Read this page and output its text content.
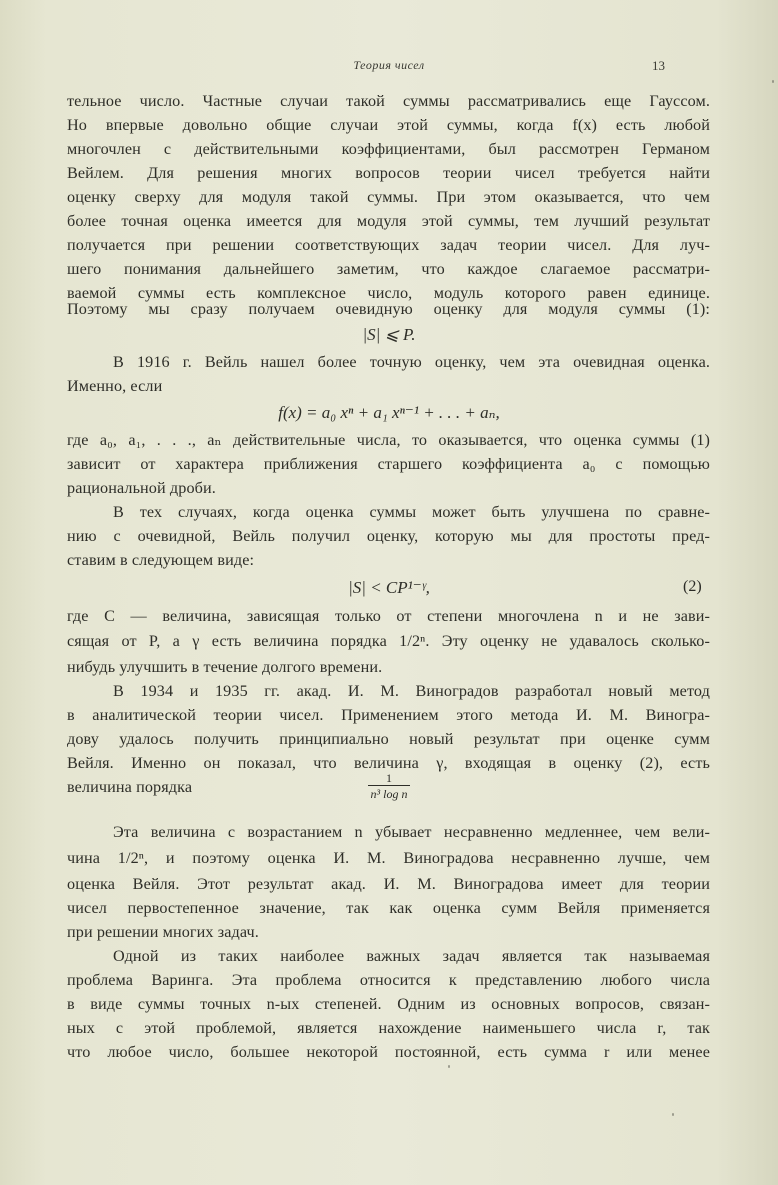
Теория чисел	13
тельное число. Частные случаи такой суммы рассматривались еще Гауссом.
Но впервые довольно общие случаи этой суммы, когда f(x) есть любой
многочлен с действительными коэффициентами, был рассмотрен Германом
Вейлем. Для решения многих вопросов теории чисел требуется найти
оценку сверху для модуля такой суммы. При этом оказывается, что чем
более точная оценка имеется для модуля этой суммы, тем лучший результат
получается при решении соответствующих задач теории чисел. Для луч-
шего понимания дальнейшего заметим, что каждое слагаемое рассматри-
ваемой суммы есть комплексное число, модуль которого равен единице.
Поэтому мы сразу получаем очевидную оценку для модуля суммы (1):
|S| ⩽ P.
В 1916 г. Вейль нашел более точную оценку, чем эта очевидная оценка.
Именно, если
f(x) = a₀ xⁿ + a₁ xⁿ⁻¹ + . . . + aₙ,
где a₀, a₁, . . ., aₙ действительные числа, то оказывается, что оценка суммы (1)
зависит от характера приближения старшего коэффициента a₀ с помощью
рациональной дроби.
В тех случаях, когда оценка суммы может быть улучшена по сравне-
нию с очевидной, Вейль получил оценку, которую мы для простоты пред-
ставим в следующем виде:
|S| < CP¹⁻ᵞ,	(2)
где C — величина, зависящая только от степени многочлена n и не зави-
сящая от P, а γ есть величина порядка 1/2ⁿ. Эту оценку не удавалось сколько-
нибудь улучшить в течение долгого времени.
В 1934 и 1935 гг. акад. И. М. Виноградов разработал новый метод
в аналитической теории чисел. Применением этого метода И. М. Виногра-
дову удалось получить принципиально новый результат при оценке сумм
Вейля. Именно он показал, что величина γ, входящая в оценку (2), есть
величина порядка
$\frac{1}{\text{n³ log n}}$
Эта величина с возрастанием n убывает несравненно медленнее, чем вели-
чина 1/2ⁿ, и поэтому оценка И. М. Виноградова несравненно лучше, чем
оценка Вейля. Этот результат акад. И. М. Виноградова имеет для теории
чисел первостепенное значение, так как оценка сумм Вейля применяется
при решении многих задач.
Одной из таких наиболее важных задач является так называемая
проблема Варинга. Эта проблема относится к представлению любого числа
в виде суммы точных n-ых степеней. Одним из основных вопросов, связан-
ных с этой проблемой, является нахождение наименьшего числа r, так
что любое число, большее некоторой постоянной, есть сумма r или менее
